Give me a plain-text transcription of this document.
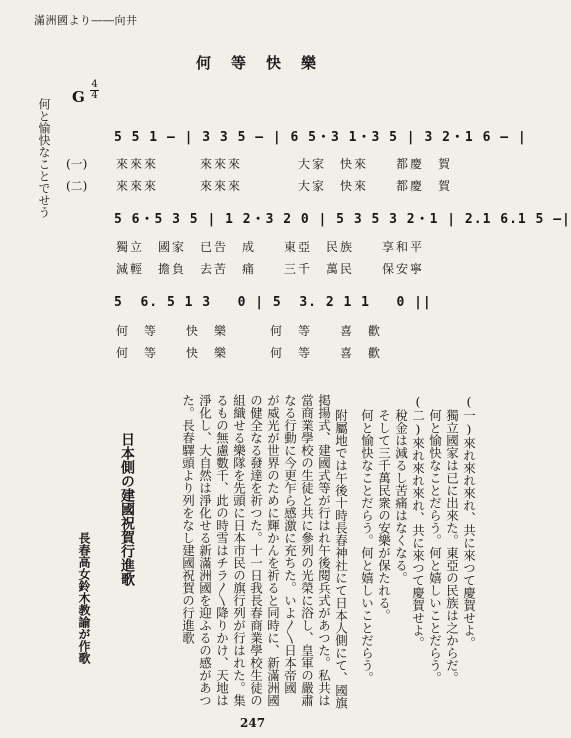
滿洲國より――向井
何等快樂
G $\frac{4}{4}$
何と愉快なことでせう	5 5 1 ― | 3 3 5 ― | 6 5・3 1・3 5 | 3 2・1 6 ― |
(一) 來來來　　　來來來　　　　大家　快來　　都慶　賀
(二) 來來來　　　來來來　　　　大家　快來　　都慶　賀
5 6・5 3 5 | 1 2・3 2 0 | 5 3 5 3 2・1 | 2.1 6.1 5 ―|
獨立　國家　已告　成　　東亞　民族　　享和平
減輕　擔負　去苦　痛　　三千　萬民　　保安寧
5  6. 5 1 3   0 | 5  3. 2 1 1   0 ||
何　等　　快　樂　　　何　等　　喜　歡
何　等　　快　樂　　　何　等　　喜　歡
(一)來れ來れ來れ、共に來つて慶賀せよ。
獨立國家は已に出來た。東亞の民族は之からだ。
何と愉快なことだらう。何と嬉しいことだらう。
(二)來れ來れ來れ、共に來つて慶賀せよ。
稅金は減るし苦痛はなくなる。
そして三千萬民衆の安樂が保たれる。
何と愉快なことだらう。何と嬉しいことだらう。
附屬地では午後十時長春神社にて日本人側にて、國旗
掲揚式、建國式等が行はれ午後閱兵式があつた。私共は
當商業學校の生徒と共に參列の光榮に浴し、皇軍の嚴肅
なる行動に今更乍ら感激に充ちた。いよ〳〵日本帝國
が威光が世界のために輝かんを祈ると同時に、新滿洲國
の健全なる發達を祈つた。十一日我長春商業學校生徒の
組織せる樂隊を先頭に日本市民の旗行列が行はれた。集
るもの無慮數千、此の時雪はチラ〳〵降りかけ、天地は
淨化し、大自然は淨化せる新滿洲國を迎ふるの感があつ
た。長春驛頭より列をなし建國祝賀の行進歌
日本側の建國祝賀行進歌
長春高女鈴木教諭が作歌
247
